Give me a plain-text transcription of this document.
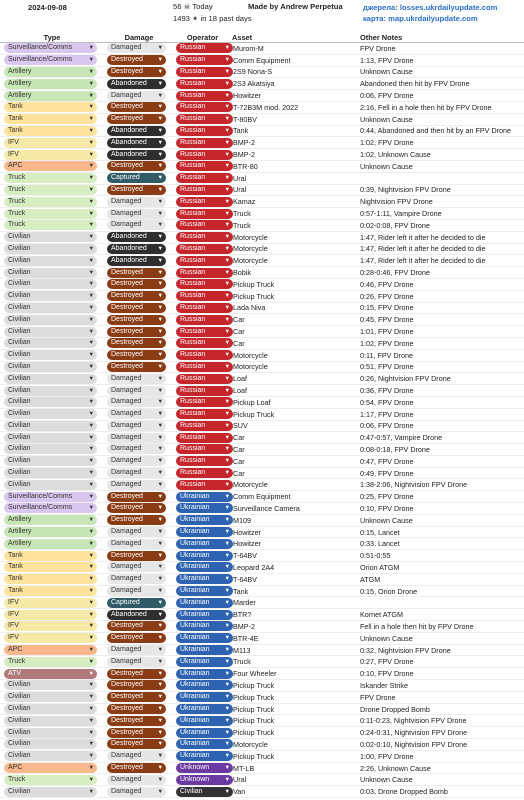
2024-09-08	56 ☠ Today
1493 ✴ in 18 past days
Made by Andrew Perpetua	джерела: losses.ukrdailyupdate.com
карта: map.ukrdailyupdate.com
Type	Damage	Operator	Asset	Other Notes
Surveillance/Comms	▼ Damaged	▼ Russian	▼ Murom-M	FPV Drone
Surveillance/Comms	▼ Destroyed	▼ Russian	▼ Comm Equipment	1:13, FPV Drone
Artillery	▼ Destroyed	▼ Russian	▼ 2S9 Nona-S	Unknown Cause
Artillery	▼ Abandoned ▼ Russian	▼ 2S3 Akatsiya	Abandoned then hit by FPV Drone
Artillery	▼ Damaged	▼ Russian	▼ Howitzer	0:06, FPV Drone
Tank	▼ Destroyed	▼ Russian	▼ T-72B3M mod. 2022	2:16, Fell in a hole then hit by FPV Drone
Tank	▼ Destroyed	▼ Russian	▼ T-80BV	Unknown Cause
Tank	▼ Abandoned ▼ Russian	▼ Tank	0:44, Abandoned and then hit by an FPV Drone
IFV	▼ Abandoned ▼ Russian	▼ BMP-2	1:02, FPV Drone
IFV	▼ Abandoned ▼ Russian	▼ BMP-2	1:02, Unknown Cause
APC	▼ Destroyed	▼ Russian	▼ BTR-80	Unknown Cause
Truck	▼ Captured	▼ Russian	▼ Ural
Truck	▼ Destroyed	▼ Russian	▼ Ural	0:39, Nightvision FPV Drone
Truck	▼ Damaged	▼ Russian	▼ Kamaz	Nightvision FPV Drone
Truck	▼ Damaged	▼ Russian	▼ Truck	0:57-1:11, Vampire Drone
Truck	▼ Damaged	▼ Russian	▼ Truck	0:02-0:08, FPV Drone
Civilian	▼ Abandoned ▼ Russian	▼ Motorcycle	1:47, Rider left it after he decided to die
Civilian	▼ Abandoned ▼ Russian	▼ Motorcycle	1:47, Rider left it after he decided to die
Civilian	▼ Abandoned ▼ Russian	▼ Motorcycle	1:47, Rider left it after he decided to die
Civilian	▼ Destroyed	▼ Russian	▼ Bobik	0:28-0:46, FPV Drone
Civilian	▼ Destroyed	▼ Russian	▼ Pickup Truck	0:46, FPV Drone
Civilian	▼ Destroyed	▼ Russian	▼ Pickup Truck	0:26, FPV Drone
Civilian	▼ Destroyed	▼ Russian	▼ Lada Niva	0:15, FPV Drone
Civilian	▼ Destroyed	▼ Russian	▼ Car	0:45, FPV Drone
Civilian	▼ Destroyed	▼ Russian	▼ Car	1:01, FPV Drone
Civilian	▼ Destroyed	▼ Russian	▼ Car	1:02, FPV Drone
Civilian	▼ Destroyed	▼ Russian	▼ Motorcycle	0:11, FPV Drone
Civilian	▼ Destroyed	▼ Russian	▼ Motorcycle	0:51, FPV Drone
Civilian	▼ Damaged	▼ Russian	▼ Loaf	0:26, Nightvision FPV Drone
Civilian	▼ Damaged	▼ Russian	▼ Loaf	0:36, FPV Drone
Civilian	▼ Damaged	▼ Russian	▼ Pickup Loaf	0:54, FPV Drone
Civilian	▼ Damaged	▼ Russian	▼ Pickup Truck	1:17, FPV Drone
Civilian	▼ Damaged	▼ Russian	▼ SUV	0:06, FPV Drone
Civilian	▼ Damaged	▼ Russian	▼ Car	0:47-0:57, Vampire Drone
Civilian	▼ Damaged	▼ Russian	▼ Car	0:08-0:18, FPV Drone
Civilian	▼ Damaged	▼ Russian	▼ Car	0:47, FPV Drone
Civilian	▼ Damaged	▼ Russian	▼ Car	0:49, FPV Drone
Civilian	▼ Damaged	▼ Russian	▼ Motorcycle	1:38-2:06, Nightvision FPV Drone
Surveillance/Comms	▼ Destroyed	▼ Ukrainian	▼ Comm Equipment	0:25, FPV Drone
Surveillance/Comms	▼ Destroyed	▼ Ukrainian	▼ Surveillance Camera	0:10, FPV Drone
Artillery	▼ Destroyed	▼ Ukrainian	▼ M109	Unknown Cause
Artillery	▼ Damaged	▼ Ukrainian	▼ Howitzer	0:15, Lancet
Artillery	▼ Damaged	▼ Ukrainian	▼ Howitzer	0:33, Lancet
Tank	▼ Destroyed	▼ Ukrainian	▼ T-64BV	0:51-0:55
Tank	▼ Damaged	▼ Ukrainian	▼ Leopard 2A4	Orion ATGM
Tank	▼ Damaged	▼ Ukrainian	▼ T-64BV	ATGM
Tank	▼ Damaged	▼ Ukrainian	▼ Tank	0:15, Orion Drone
IFV	▼ Captured	▼ Ukrainian	▼ Marder
IFV	▼ Abandoned ▼ Ukrainian	▼ BTR?	Kornet ATGM
IFV	▼ Destroyed	▼ Ukrainian	▼ BMP-2	Fell in a hole then hit by FPV Drone
IFV	▼ Destroyed	▼ Ukrainian	▼ BTR-4E	Unknown Cause
APC	▼ Damaged	▼ Ukrainian	▼ M113	0:32, Nightvision FPV Drone
Truck	▼ Damaged	▼ Ukrainian	▼ Truck	0:27, FPV Drone
ATV	▼ Destroyed	▼ Ukrainian	▼ Four Wheeler	0:10, FPV Drone
Civilian	▼ Destroyed	▼ Ukrainian	▼ Pickup Truck	Iskander Strike
Civilian	▼ Destroyed	▼ Ukrainian	▼ Pickup Truck	FPV Drone
Civilian	▼ Destroyed	▼ Ukrainian	▼ Pickup Truck	Drone Dropped Bomb
Civilian	▼ Destroyed	▼ Ukrainian	▼ Pickup Truck	0:11-0:23, Nightvision FPV Drone
Civilian	▼ Destroyed	▼ Ukrainian	▼ Pickup Truck	0:24-0:31, Nightvision FPV Drone
Civilian	▼ Destroyed	▼ Ukrainian	▼ Motorcycle	0:02-0:10, Nightvision FPV Drone
Civilian	▼ Damaged	▼ Ukrainian	▼ Pickup Truck	1:00, FPV Drone
APC	▼ Destroyed	▼ Unknown	▼ MT-LB	2:26, Unknown Cause
Truck	▼ Damaged	▼ Unknown	▼ Ural	Unknown Cause
Civilian	▼ Damaged	▼ Civilian	▼ Van	0:03, Drone Dropped Bomb
